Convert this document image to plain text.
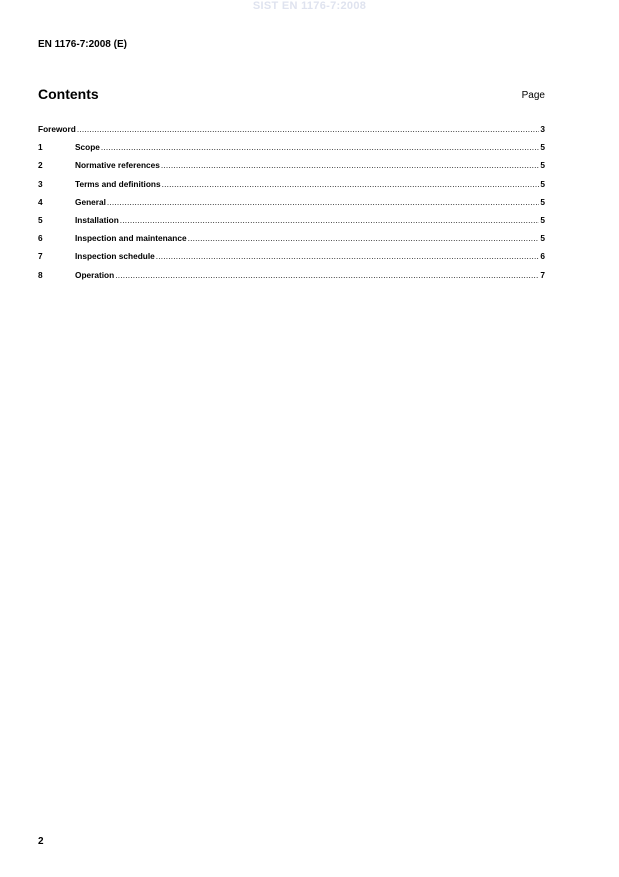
SIST EN 1176-7:2008
EN 1176-7:2008 (E)
Contents	Page
Foreword .....	3
1	Scope .....	5
2	Normative references .....	5
3	Terms and definitions .....	5
4	General .....	5
5	Installation .....	5
6	Inspection and maintenance .....	5
7	Inspection schedule .....	6
8	Operation .....	7
2
